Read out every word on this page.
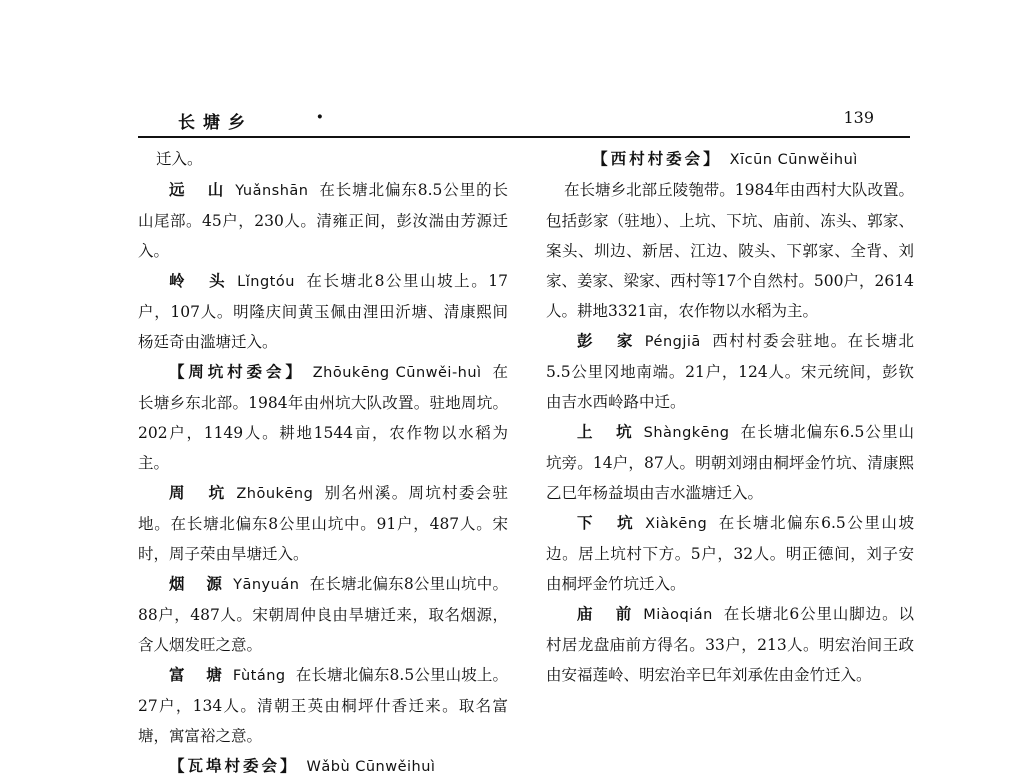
长塘乡	·	139

迁入。

远　山 Yuǎnshān 在长塘北偏东8.5公里的长山尾部。45户，230人。清雍正间，彭汝湍由芳源迁入。

岭　头 Lǐngtóu 在长塘北8公里山坡上。17户，107人。明隆庆间黄玉佩由浬田沂塘、清康熙间杨廷奇由滥塘迁入。

【周坑村委会】 Zhōukēng Cūnwěi-huì 在长塘乡东北部。1984年由州坑大队改置。驻地周坑。202户，1149人。耕地1544亩，农作物以水稻为主。

周　坑 Zhōukēng 别名州溪。周坑村委会驻地。在长塘北偏东8公里山坑中。91户，487人。宋时，周子荣由旱塘迁入。

烟　源 Yānyuán 在长塘北偏东8公里山坑中。88户，487人。宋朝周仲良由旱塘迁来，取名烟源，含人烟发旺之意。

富　塘 Fùtáng 在长塘北偏东8.5公里山坡上。27户，134人。清朝王英由桐坪什香迁来。取名富塘，寓富裕之意。

【瓦埠村委会】 Wǎbù Cūnwěihuì

【西村村委会】 Xīcūn Cūnwěihuì

在长塘乡北部丘陵匏带。1984年由西村大队改置。包括彭家（驻地）、上坑、下坑、庙前、冻头、郭家、案头、圳边、新居、江边、陂头、下郭家、全背、刘家、姜家、梁家、西村等17个自然村。500户，2614人。耕地3321亩，农作物以水稻为主。

彭　家 Péngjiā 西村村委会驻地。在长塘北5.5公里冈地南端。21户，124人。宋元统间，彭钦由吉水西岭路中迁。

上　坑 Shàngkēng 在长塘北偏东6.5公里山坑旁。14户，87人。明朝刘翊由桐坪金竹坑、清康熙乙巳年杨益埙由吉水滥塘迁入。

下　坑 Xiàkēng 在长塘北偏东6.5公里山坡边。居上坑村下方。5户，32人。明正德间，刘子安由桐坪金竹坑迁入。

庙　前 Miàoqián 在长塘北6公里山脚边。以村居龙盘庙前方得名。33户，213人。明宏治间王政由安福莲岭、明宏治辛巳年刘承佐由金竹迁入。
